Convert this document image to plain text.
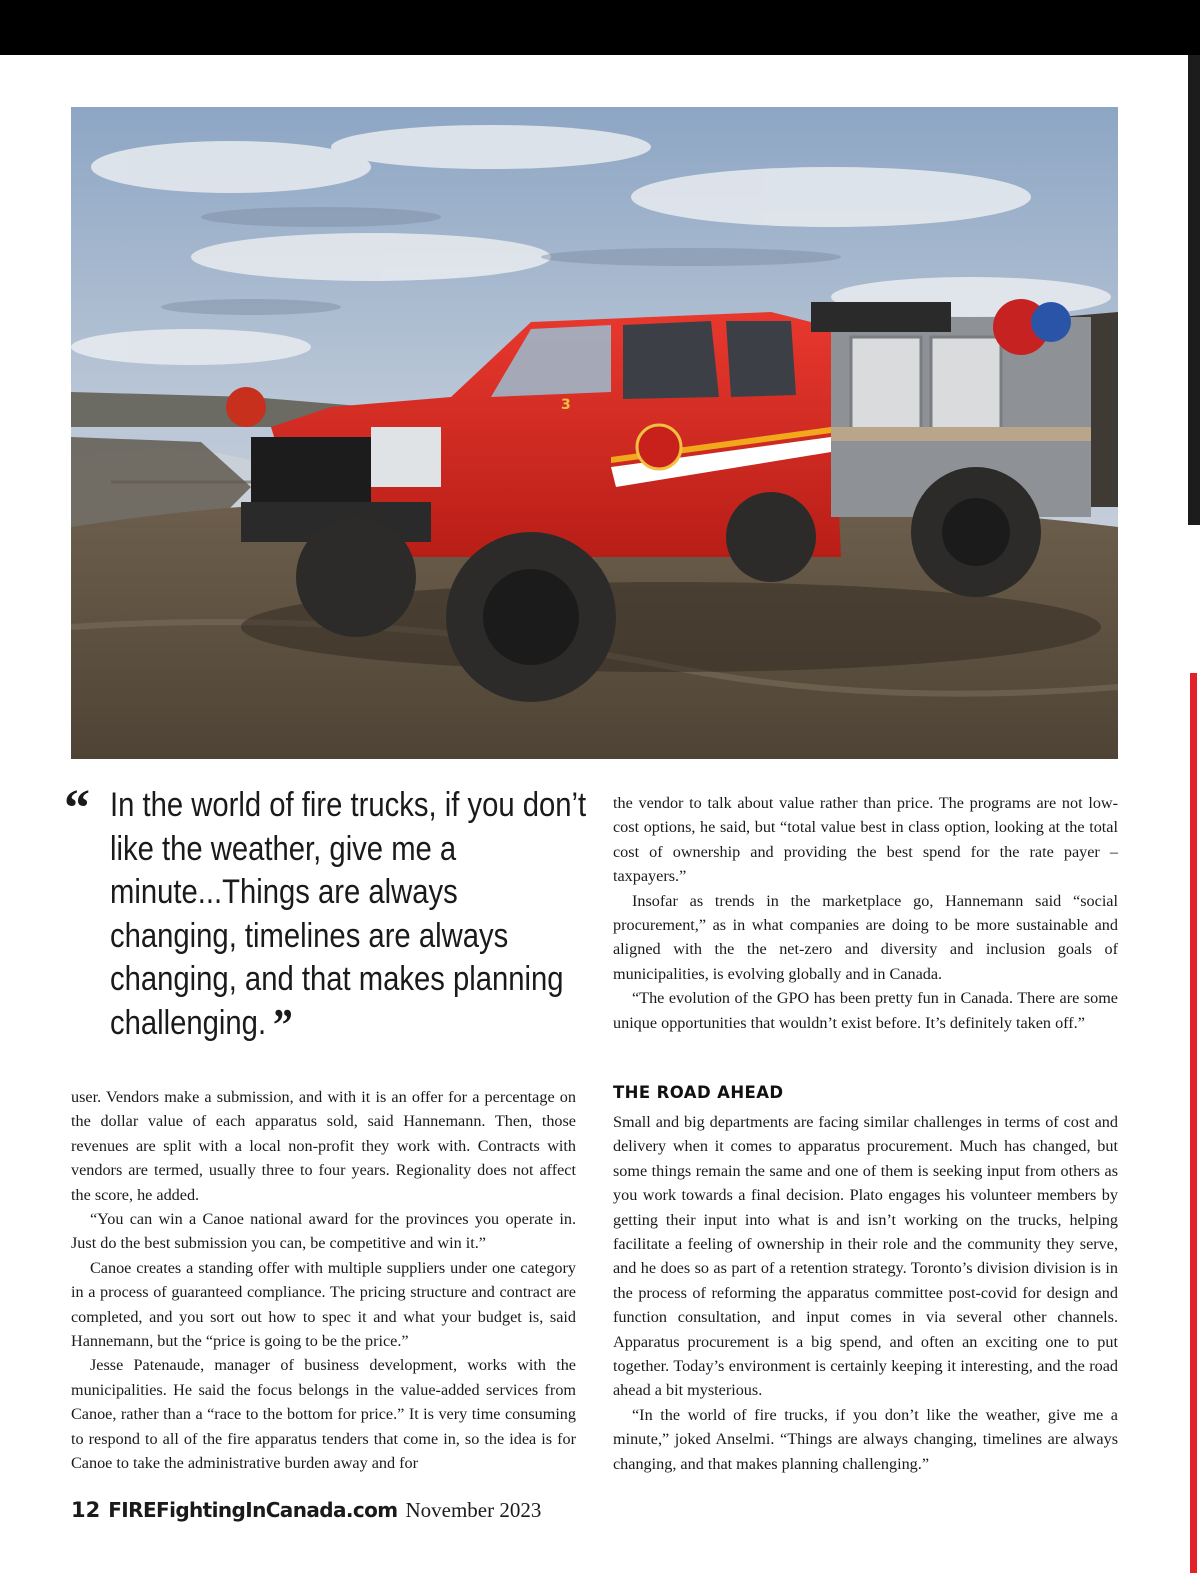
3
“ In the world of fire trucks, if you don’t like the weather, give me a minute...Things are always changing, timelines are always changing, and that makes planning challenging. ”

user. Vendors make a submission, and with it is an offer for a percentage on the dollar value of each apparatus sold, said Hannemann. Then, those revenues are split with a local non-profit they work with. Contracts with vendors are termed, usually three to four years. Regionality does not affect the score, he added.

“You can win a Canoe national award for the provinces you operate in. Just do the best submission you can, be competitive and win it.”

Canoe creates a standing offer with multiple suppliers under one category in a process of guaranteed compliance. The pricing structure and contract are completed, and you sort out how to spec it and what your budget is, said Hannemann, but the “price is going to be the price.”

Jesse Patenaude, manager of business development, works with the municipalities. He said the focus belongs in the value-added services from Canoe, rather than a “race to the bottom for price.” It is very time consuming to respond to all of the fire apparatus tenders that come in, so the idea is for Canoe to take the administrative burden away and for

the vendor to talk about value rather than price. The programs are not low-cost options, he said, but “total value best in class option, looking at the total cost of ownership and providing the best spend for the rate payer – taxpayers.”

Insofar as trends in the marketplace go, Hannemann said “social procurement,” as in what companies are doing to be more sustainable and aligned with the the net-zero and diversity and inclusion goals of municipalities, is evolving globally and in Canada.

“The evolution of the GPO has been pretty fun in Canada. There are some unique opportunities that wouldn’t exist before. It’s definitely taken off.”

THE ROAD AHEAD

Small and big departments are facing similar challenges in terms of cost and delivery when it comes to apparatus procurement. Much has changed, but some things remain the same and one of them is seeking input from others as you work towards a final decision. Plato engages his volunteer members by getting their input into what is and isn’t working on the trucks, helping facilitate a feeling of ownership in their role and the community they serve, and he does so as part of a retention strategy. Toronto’s division division is in the process of reforming the apparatus committee post-covid for design and function consultation, and input comes in via several other channels. Apparatus procurement is a big spend, and often an exciting one to put together. Today’s environment is certainly keeping it interesting, and the road ahead a bit mysterious.

“In the world of fire trucks, if you don’t like the weather, give me a minute,” joked Anselmi. “Things are always changing, timelines are always changing, and that makes planning challenging.”

12 FIREFightingInCanada.com November 2023
